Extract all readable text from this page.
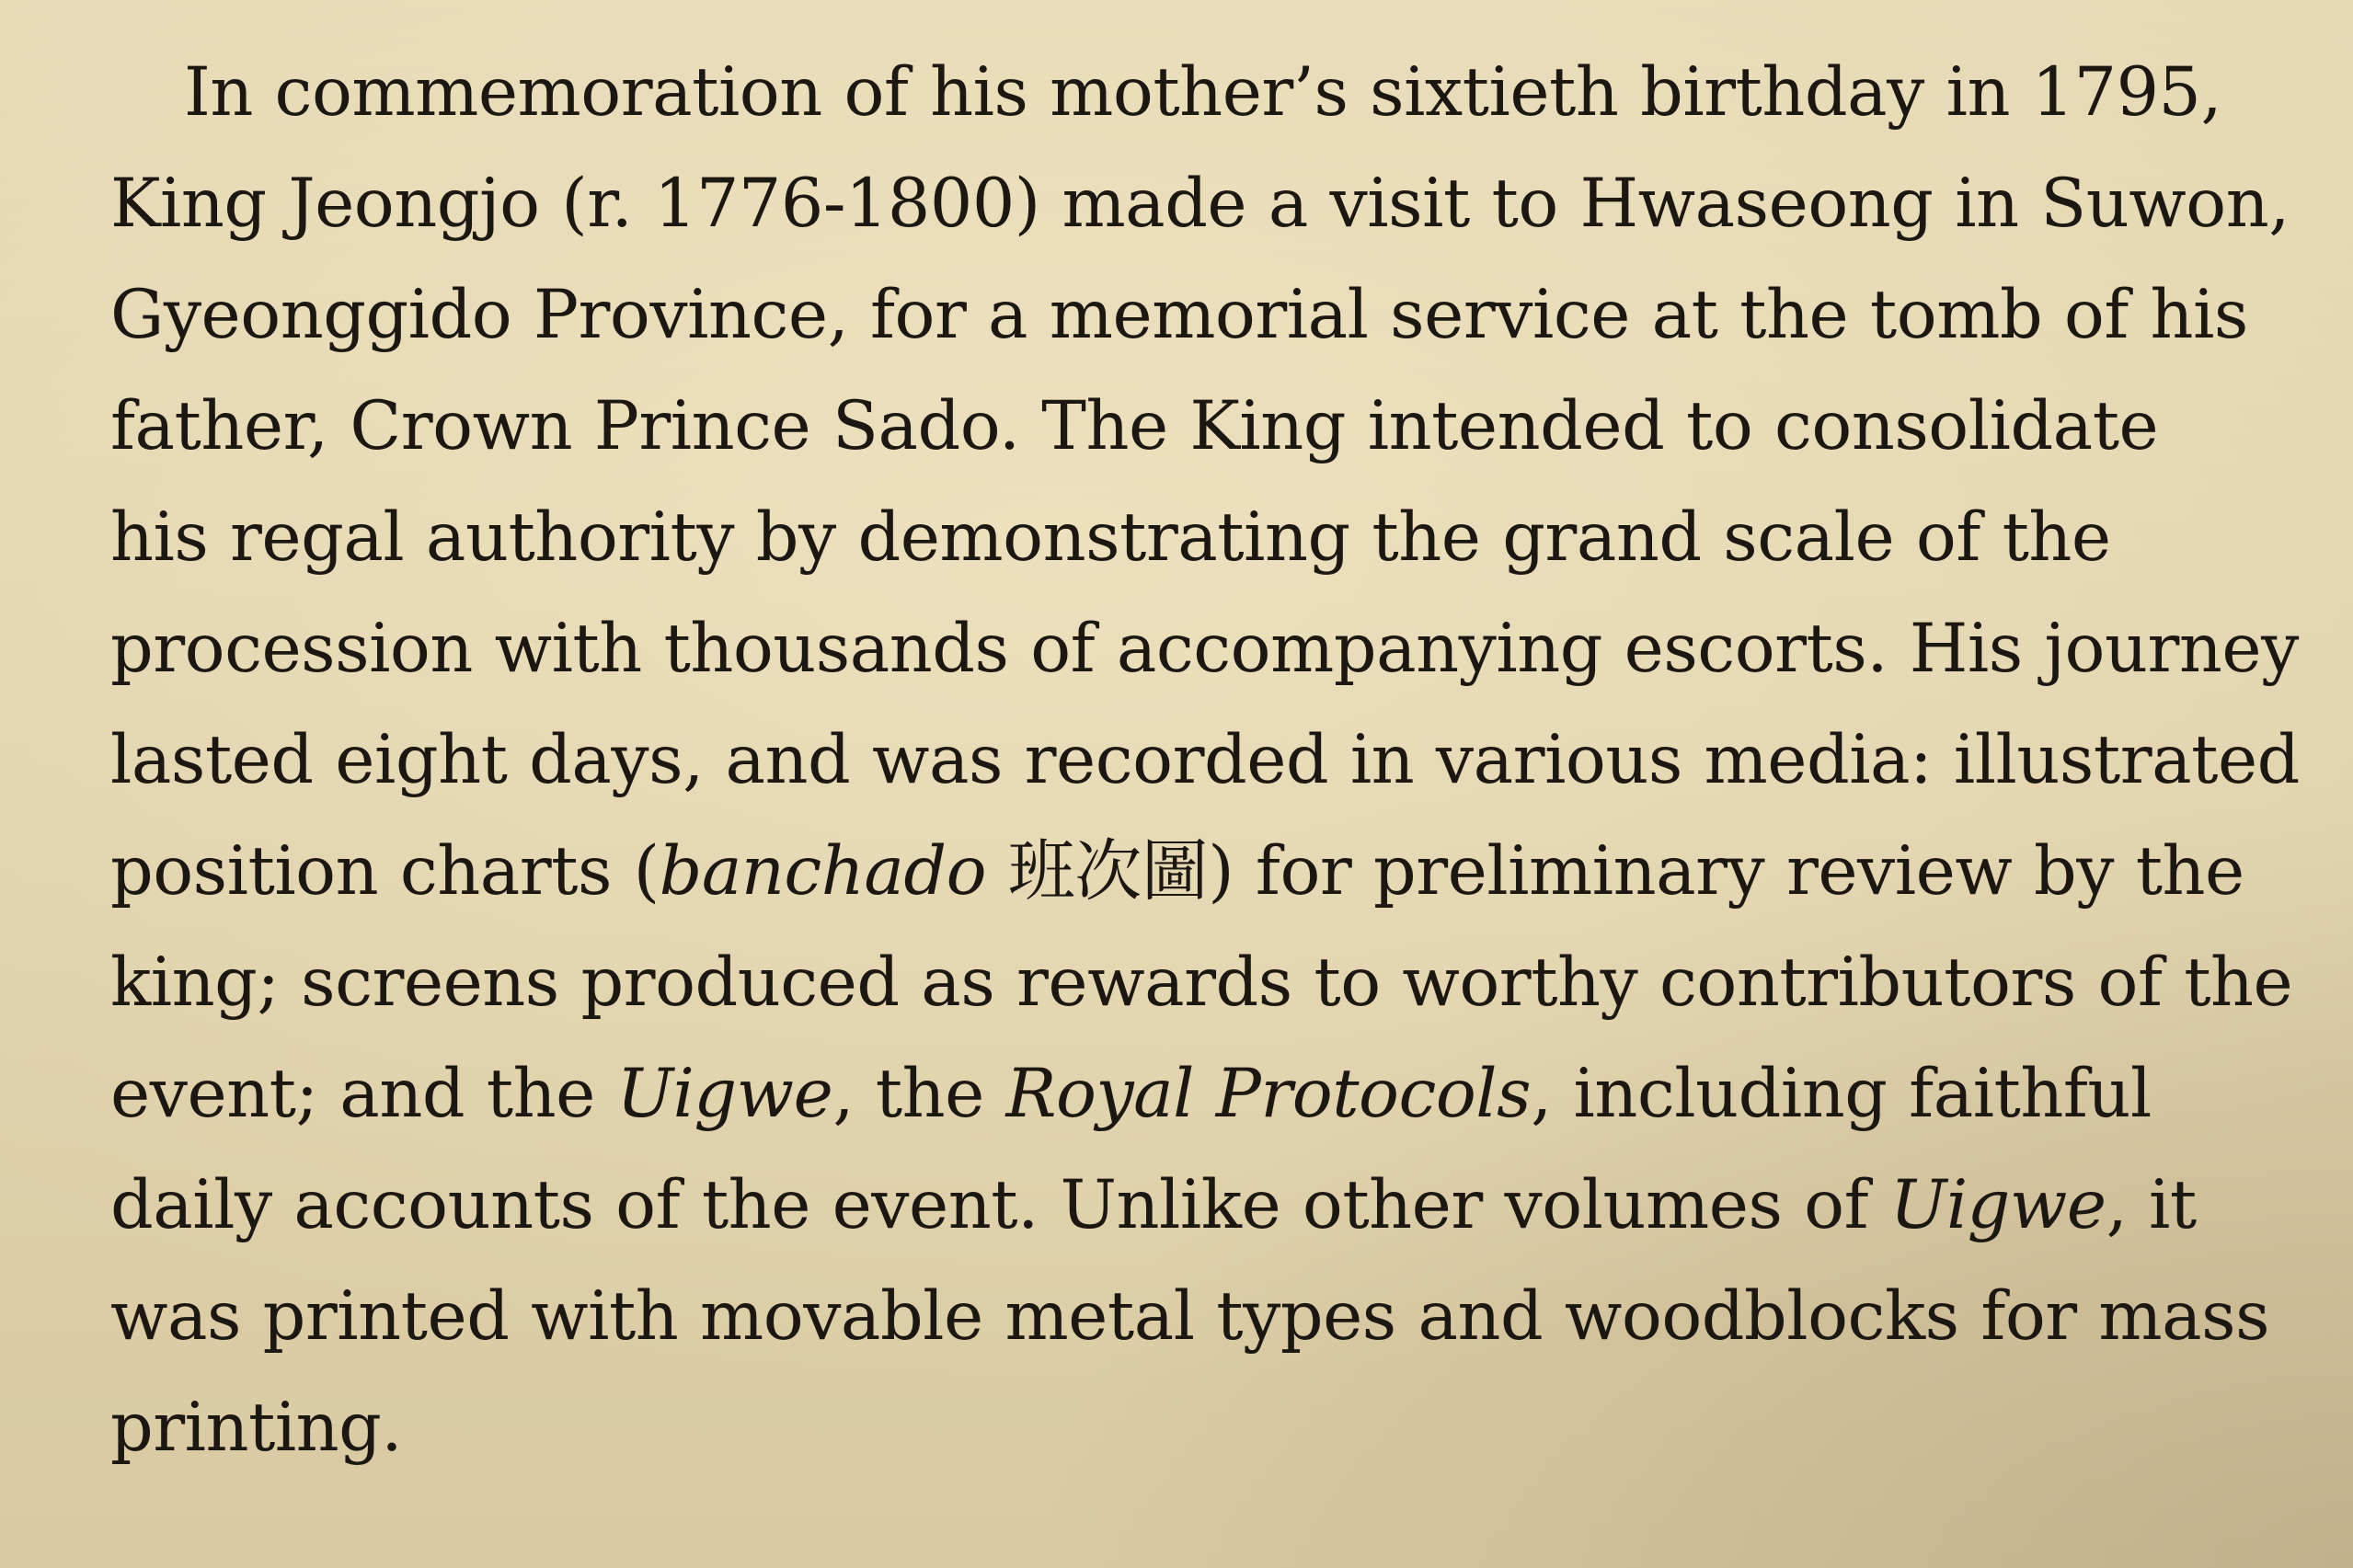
In commemoration of his mother’s sixtieth birthday in 1795,
King Jeongjo (r. 1776-1800) made a visit to Hwaseong in Suwon,
Gyeonggido Province, for a memorial service at the tomb of his
father, Crown Prince Sado. The King intended to consolidate
his regal authority by demonstrating the grand scale of the
procession with thousands of accompanying escorts. His journey
lasted eight days, and was recorded in various media: illustrated
position charts (banchado 班次圖) for preliminary review by the
king; screens produced as rewards to worthy contributors of the
event; and the Uigwe, the Royal Protocols, including faithful
daily accounts of the event. Unlike other volumes of Uigwe, it
was printed with movable metal types and woodblocks for mass
printing.
